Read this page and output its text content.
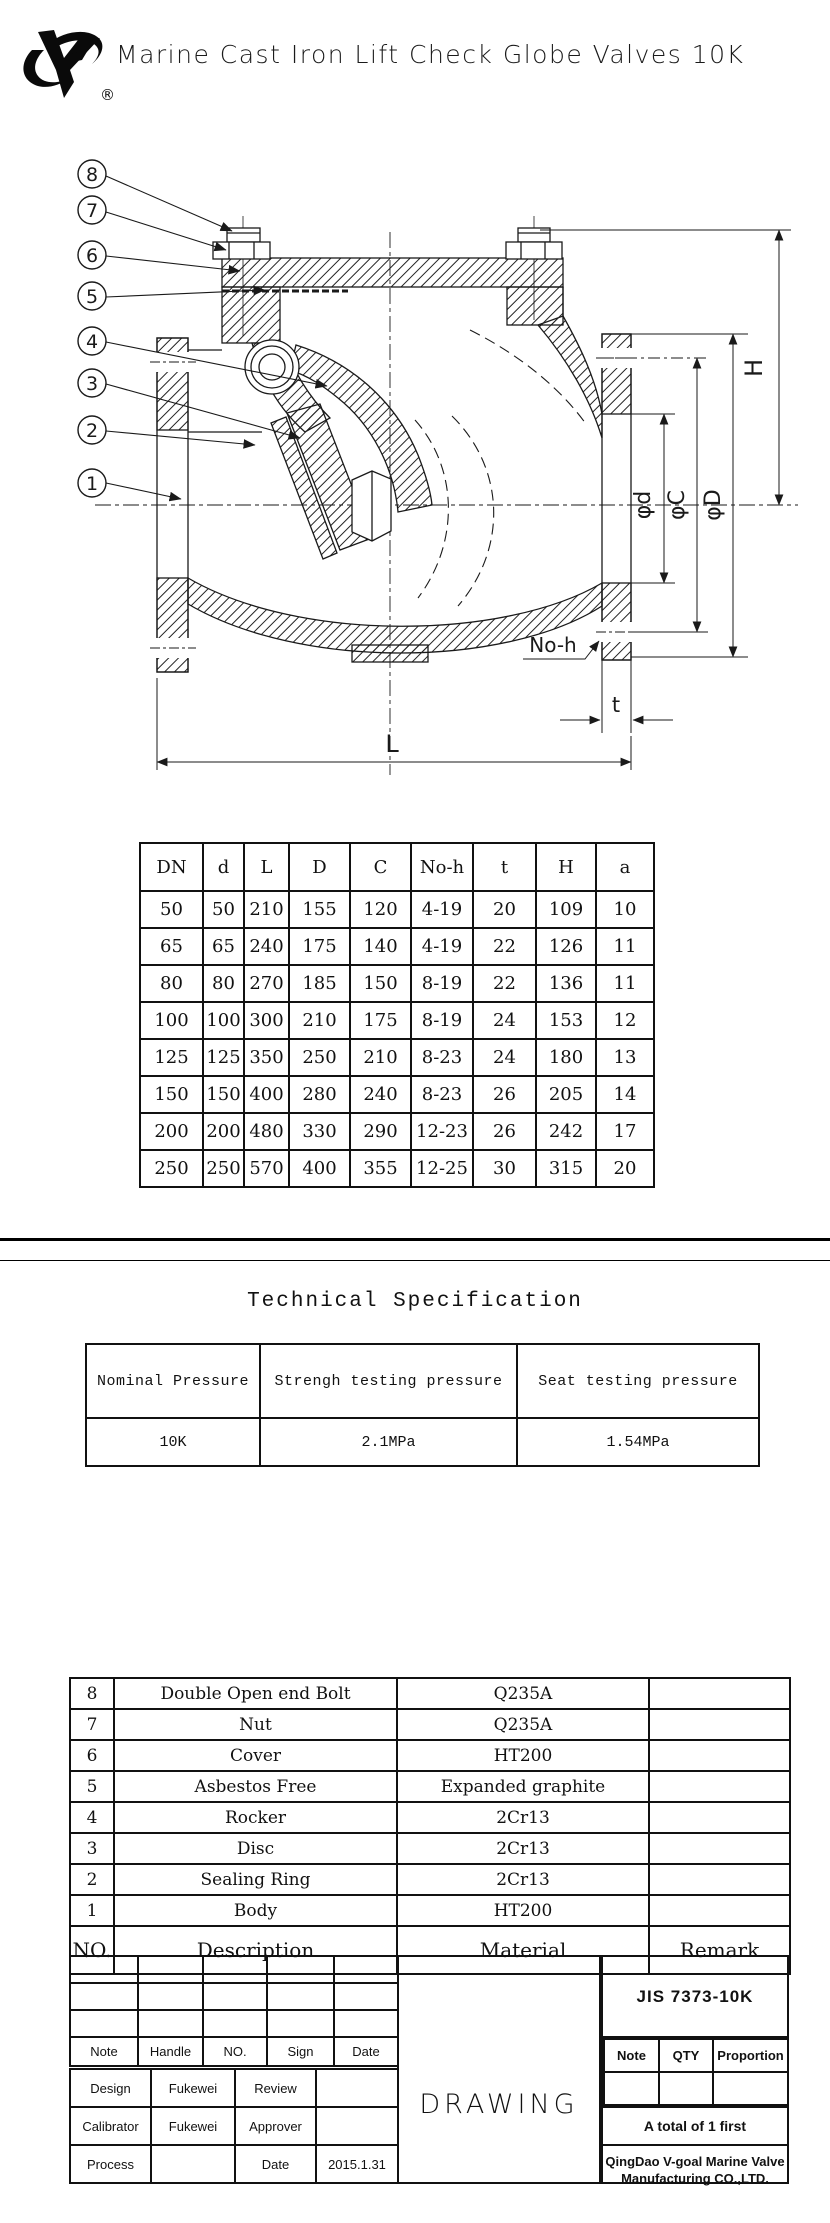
®
Marine Cast Iron Lift Check Globe Valves 10K
8
7
6
5
4
3
2
1
H
φd φC φD
No-h
t
L
DN	d	L	D	C	No-h	t	H	a
50	50	210	155	120	4-19	20	109	10
65	65	240	175	140	4-19	22	126	11
80	80	270	185	150	8-19	22	136	11
100	100	300	210	175	8-19	24	153	12
125	125	350	250	210	8-23	24	180	13
150	150	400	280	240	8-23	26	205	14
200	200	480	330	290	12-23	26	242	17
250	250	570	400	355	12-25	30	315	20
Technical Specification
Nominal Pressure	Strengh testing pressure	Seat testing pressure
10K	2.1MPa	1.54MPa
8	Double Open end Bolt	Q235A	
7	Nut	Q235A	
6	Cover	HT200	
5	Asbestos Free	Expanded graphite	
4	Rocker	2Cr13	
3	Disc	2Cr13	
2	Sealing Ring	2Cr13	
1	Body	HT200	
NO.	Description	Material	Remark

Note	Handle	NO.	Sign	Date
Design	Fukewei	Review	
Calibrator	Fukewei	Approver	
Process		Date	2015.1.31
DRAWING
JIS 7373-10K
Note	QTY	Proportion

A total of 1 first
QingDao V-goal Marine Valve
Manufacturing CO.,LTD.
